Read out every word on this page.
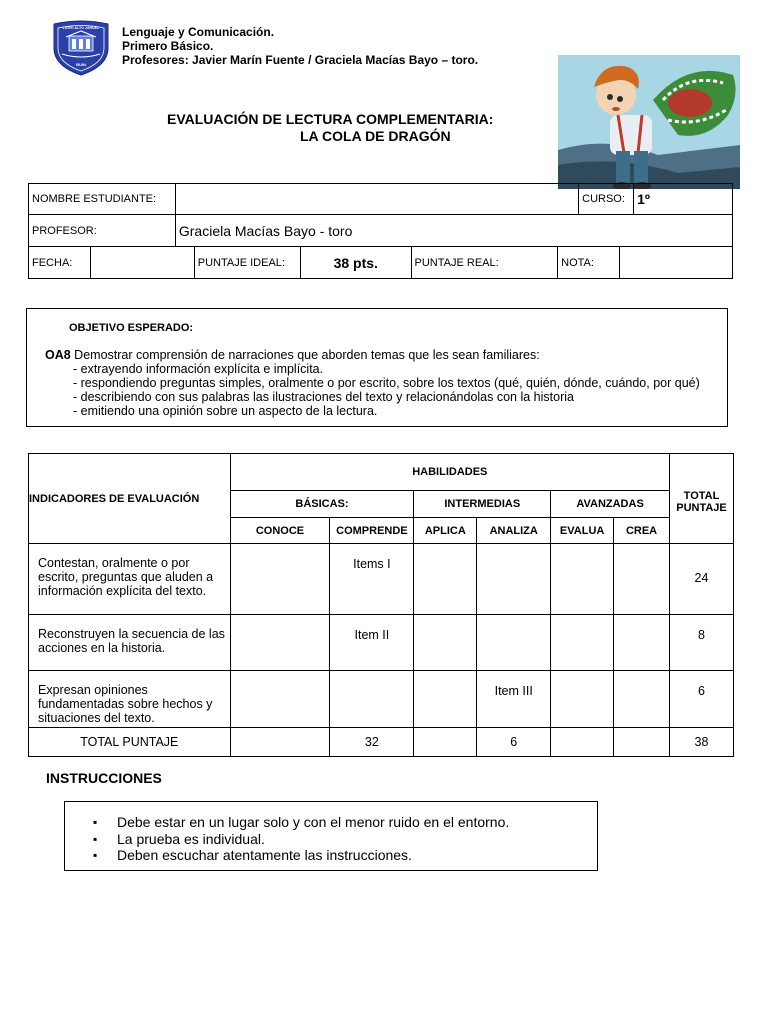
LICEO ALTO JAHUEL
BUIN
Lenguaje y Comunicación.
Primero Básico.
Profesores: Javier Marín Fuente / Graciela Macías Bayo – toro.
EVALUACIÓN DE LECTURA COMPLEMENTARIA:
LA COLA DE DRAGÓN
NOMBRE ESTUDIANTE:		CURSO:	1º
PROFESOR:	Graciela Macías Bayo - toro		
FECHA:		PUNTAJE IDEAL:	38 pts.	PUNTAJE REAL:	NOTA:	
OBJETIVO ESPERADO:
OA8 Demostrar comprensión de narraciones que aborden temas que les sean familiares:
- extrayendo información explícita e implícita.
- respondiendo preguntas simples, oralmente o por escrito, sobre los textos (qué, quién, dónde, cuándo, por qué)
- describiendo con sus palabras las ilustraciones del texto y relacionándolas con la historia
- emitiendo una opinión sobre un aspecto de la lectura.
INDICADORES DE EVALUACIÓN	HABILIDADES						TOTAL PUNTAJE
	BÁSICAS:		INTERMEDIAS		AVANZADAS		
	CONOCE	COMPRENDE	APLICA	ANALIZA	EVALUA	CREA	
Contestan, oralmente o por escrito, preguntas que aluden a información explícita del texto.		Items I					24
Reconstruyen la secuencia de las acciones en la historia.		Item II					8
Expresan opiniones fundamentadas sobre hechos y situaciones del texto.				Item III			6
TOTAL PUNTAJE		32		6			38
INSTRUCCIONES
▪ Debe estar en un lugar solo y con el menor ruido en el entorno.
▪ La prueba es individual.
▪ Deben escuchar atentamente las instrucciones.
